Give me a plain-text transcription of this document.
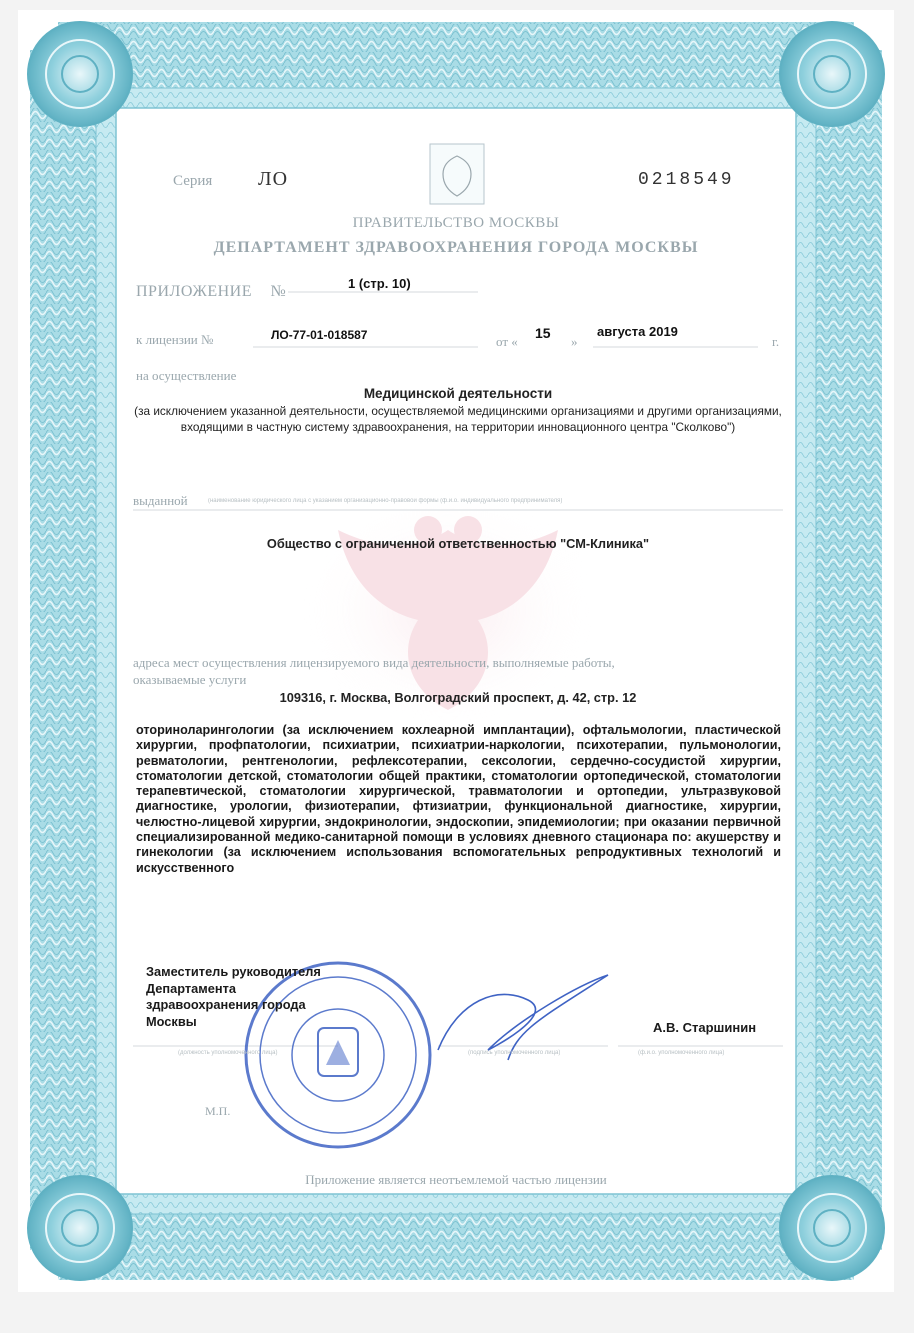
Серия ЛО	0218549
ПРАВИТЕЛЬСТВО МОСКВЫ
ДЕПАРТАМЕНТ ЗДРАВООХРАНЕНИЯ ГОРОДА МОСКВЫ
ПРИЛОЖЕНИЕ №	1 (стр. 10)
к лицензии №	ЛО-77-01-018587	от «
15
»
августа 2019
г.
на осуществление
Медицинской деятельности
(за исключением указанной деятельности, осуществляемой медицинскими организациями и другими организациями, входящими в частную систему здравоохранения, на территории инновационного центра "Сколково")
выданной	(наименование юридического лица с указанием организационно-правовой формы (ф.и.о. индивидуального предпринимателя)
Общество с ограниченной ответственностью "СМ-Клиника"
адреса мест осуществления лицензируемого вида деятельности, выполняемые работы,
оказываемые услуги
109316, г. Москва, Волгоградский проспект, д. 42, стр. 12
оториноларингологии (за исключением кохлеарной имплантации), офтальмологии, пластической хирургии, профпатологии, психиатрии, психиатрии-наркологии, психотерапии, пульмонологии, ревматологии, рентгенологии, рефлексотерапии, сексологии, сердечно-сосудистой хирургии, стоматологии детской, стоматологии общей практики, стоматологии ортопедической, стоматологии терапевтической, стоматологии хирургической, травматологии и ортопедии, ультразвуковой диагностике, урологии, физиотерапии, фтизиатрии, функциональной диагностике, хирургии, челюстно-лицевой хирургии, эндокринологии, эндоскопии, эпидемиологии; при оказании первичной специализированной медико-санитарной помощи в условиях дневного стационара по: акушерству и гинекологии (за исключением использования вспомогательных репродуктивных технологий и искусственного
Заместитель руководителя
Департамента
здравоохранения города
Москвы	А.В. Старшинин
(должность уполномоченного лица)	(подпись уполномоченного лица)	(ф.и.о. уполномоченного лица)
М.П.
Приложение является неотъемлемой частью лицензии
